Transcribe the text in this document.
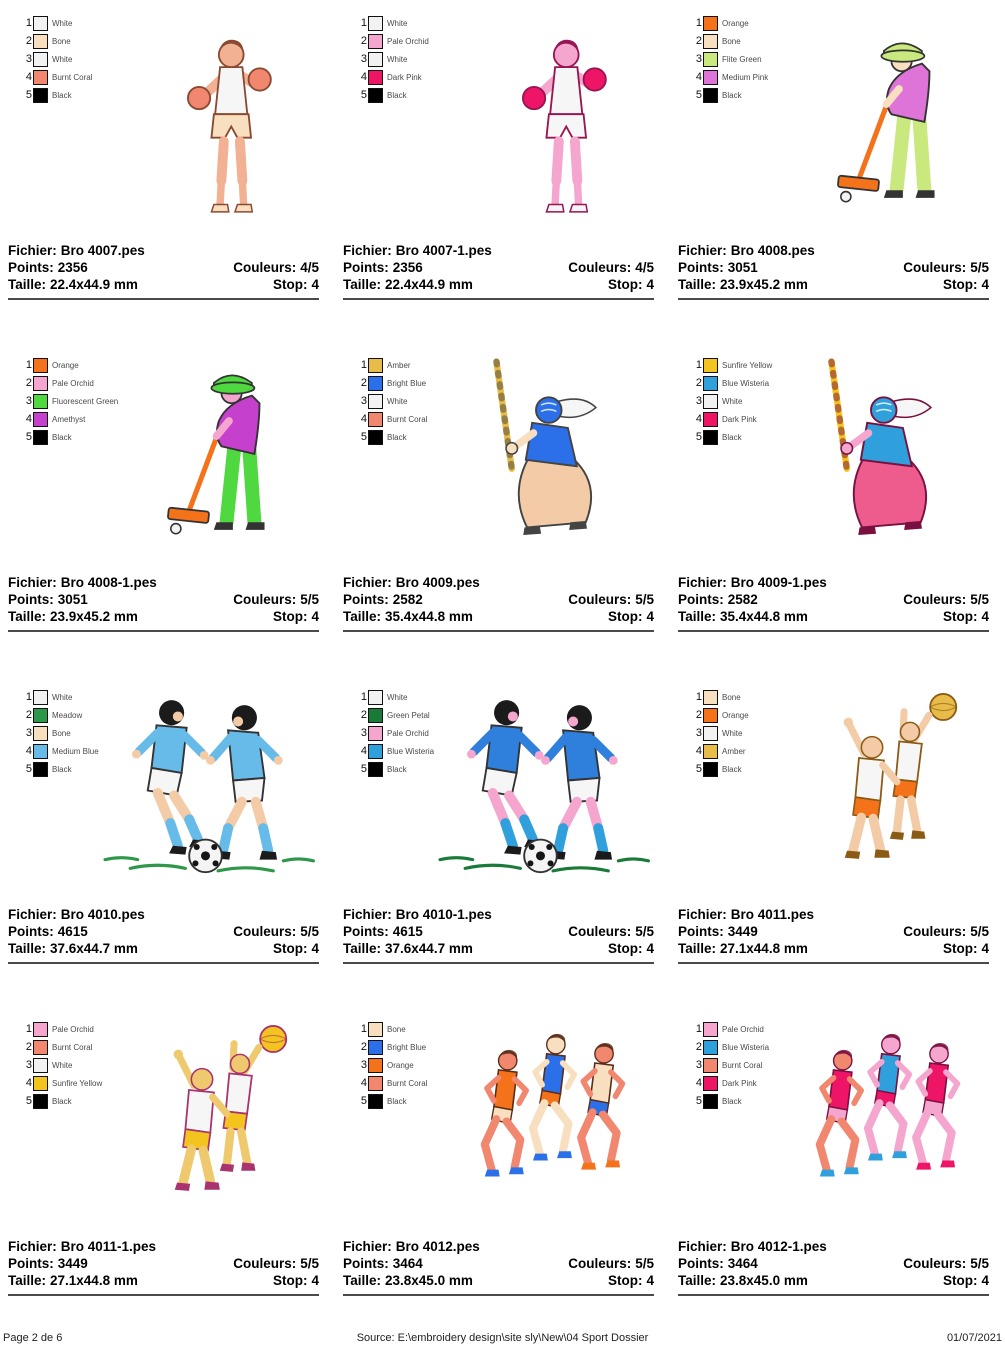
1	White
2	Bone
3	White
4	Burnt Coral
5	Black
Fichier: Bro 4007.pes
Points: 2356	Couleurs: 4/5
Taille: 22.4x44.9 mm	Stop: 4
1	White
2	Pale Orchid
3	White
4	Dark Pink
5	Black
Fichier: Bro 4007-1.pes
Points: 2356	Couleurs: 4/5
Taille: 22.4x44.9 mm	Stop: 4
1	Orange
2	Bone
3	Flite Green
4	Medium Pink
5	Black
Fichier: Bro 4008.pes
Points: 3051	Couleurs: 5/5
Taille: 23.9x45.2 mm	Stop: 4
1	Orange
2	Pale Orchid
3	Fluorescent Green
4	Amethyst
5	Black
Fichier: Bro 4008-1.pes
Points: 3051	Couleurs: 5/5
Taille: 23.9x45.2 mm	Stop: 4
1	Amber
2	Bright Blue
3	White
4	Burnt Coral
5	Black
Fichier: Bro 4009.pes
Points: 2582	Couleurs: 5/5
Taille: 35.4x44.8 mm	Stop: 4
1	Sunfire Yellow
2	Blue Wisteria
3	White
4	Dark Pink
5	Black
Fichier: Bro 4009-1.pes
Points: 2582	Couleurs: 5/5
Taille: 35.4x44.8 mm	Stop: 4
1	White
2	Meadow
3	Bone
4	Medium Blue
5	Black
Fichier: Bro 4010.pes
Points: 4615	Couleurs: 5/5
Taille: 37.6x44.7 mm	Stop: 4
1	White
2	Green Petal
3	Pale Orchid
4	Blue Wisteria
5	Black
Fichier: Bro 4010-1.pes
Points: 4615	Couleurs: 5/5
Taille: 37.6x44.7 mm	Stop: 4
1	Bone
2	Orange
3	White
4	Amber
5	Black
Fichier: Bro 4011.pes
Points: 3449	Couleurs: 5/5
Taille: 27.1x44.8 mm	Stop: 4
1	Pale Orchid
2	Burnt Coral
3	White
4	Sunfire Yellow
5	Black
Fichier: Bro 4011-1.pes
Points: 3449	Couleurs: 5/5
Taille: 27.1x44.8 mm	Stop: 4
1	Bone
2	Bright Blue
3	Orange
4	Burnt Coral
5	Black
Fichier: Bro 4012.pes
Points: 3464	Couleurs: 5/5
Taille: 23.8x45.0 mm	Stop: 4
1	Pale Orchid
2	Blue Wisteria
3	Burnt Coral
4	Dark Pink
5	Black
Fichier: Bro 4012-1.pes
Points: 3464	Couleurs: 5/5
Taille: 23.8x45.0 mm	Stop: 4
Page 2 de 6	Source: E:\embroidery design\site sly\New\04 Sport Dossier	01/07/2021
